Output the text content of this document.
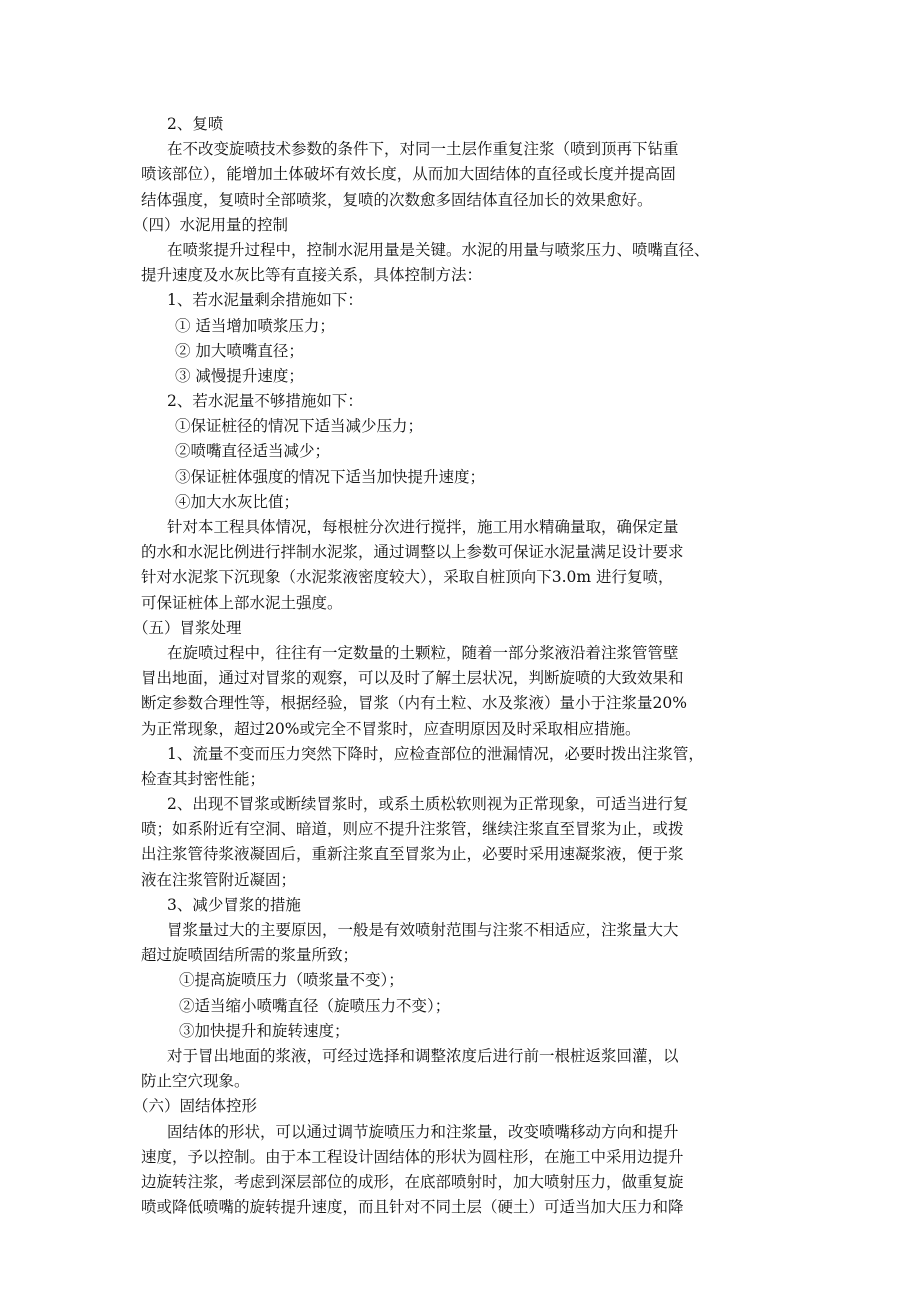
2、复喷
在不改变旋喷技术参数的条件下，对同一土层作重复注浆（喷到顶再下钻重
喷该部位），能增加土体破坏有效长度，从而加大固结体的直径或长度并提高固
结体强度，复喷时全部喷浆，复喷的次数愈多固结体直径加长的效果愈好。
（四）水泥用量的控制
在喷浆提升过程中，控制水泥用量是关键。水泥的用量与喷浆压力、喷嘴直径、
提升速度及水灰比等有直接关系，具体控制方法：
1、若水泥量剩余措施如下：
① 适当增加喷浆压力；
② 加大喷嘴直径；
③ 减慢提升速度；
2、若水泥量不够措施如下：
①保证桩径的情况下适当减少压力；
②喷嘴直径适当减少；
③保证桩体强度的情况下适当加快提升速度；
④加大水灰比值；
针对本工程具体情况，每根桩分次进行搅拌，施工用水精确量取，确保定量
的水和水泥比例进行拌制水泥浆，通过调整以上参数可保证水泥量满足设计要求
针对水泥浆下沉现象（水泥浆液密度较大），采取自桩顶向下3.0m 进行复喷，
可保证桩体上部水泥土强度。
（五）冒浆处理
在旋喷过程中，往往有一定数量的土颗粒，随着一部分浆液沿着注浆管管壁
冒出地面，通过对冒浆的观察，可以及时了解土层状况，判断旋喷的大致效果和
断定参数合理性等，根据经验，冒浆（内有土粒、水及浆液）量小于注浆量20%
为正常现象，超过20%或完全不冒浆时，应查明原因及时采取相应措施。
1、流量不变而压力突然下降时，应检查部位的泄漏情况，必要时拨出注浆管，
检查其封密性能；
2、出现不冒浆或断续冒浆时，或系土质松软则视为正常现象，可适当进行复
喷；如系附近有空洞、暗道，则应不提升注浆管，继续注浆直至冒浆为止，或拨
出注浆管待浆液凝固后，重新注浆直至冒浆为止，必要时采用速凝浆液，便于浆
液在注浆管附近凝固；
3、减少冒浆的措施
冒浆量过大的主要原因，一般是有效喷射范围与注浆不相适应，注浆量大大
超过旋喷固结所需的浆量所致；
①提高旋喷压力（喷浆量不变）；
②适当缩小喷嘴直径（旋喷压力不变）；
③加快提升和旋转速度；
对于冒出地面的浆液，可经过选择和调整浓度后进行前一根桩返浆回灌，以
防止空穴现象。
（六）固结体控形
固结体的形状，可以通过调节旋喷压力和注浆量，改变喷嘴移动方向和提升
速度，予以控制。由于本工程设计固结体的形状为圆柱形，在施工中采用边提升
边旋转注浆，考虑到深层部位的成形，在底部喷射时，加大喷射压力，做重复旋
喷或降低喷嘴的旋转提升速度，而且针对不同土层（硬土）可适当加大压力和降
